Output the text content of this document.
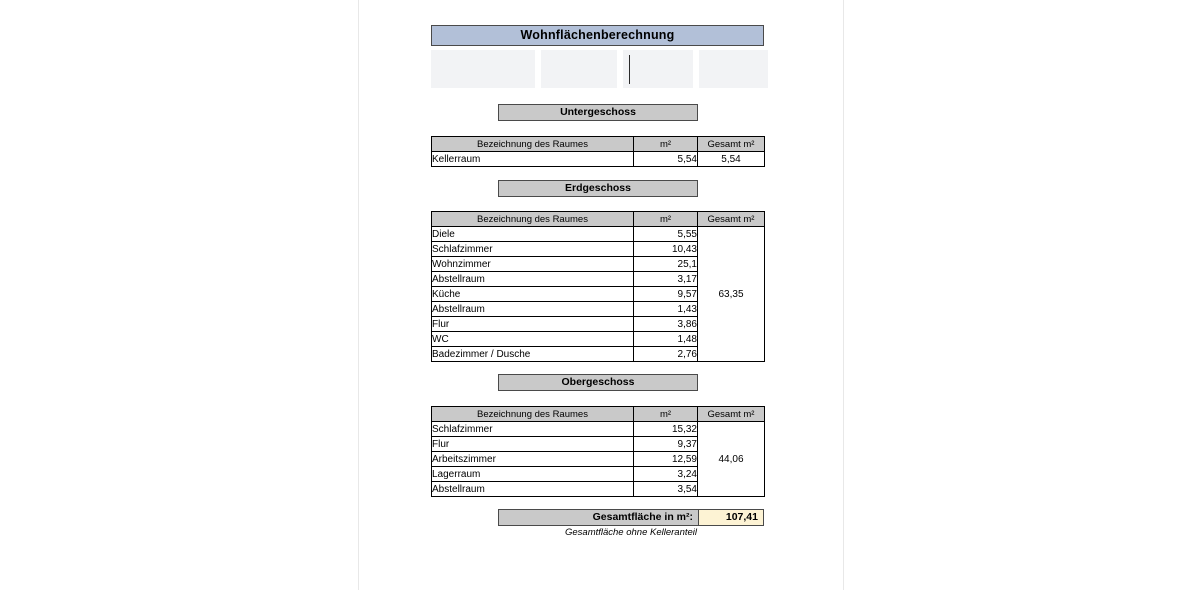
Wohnflächenberechnung
Untergeschoss
Bezeichnung des Raumes	m²	Gesamt m²
Kellerraum	5,54	5,54
Erdgeschoss
Bezeichnung des Raumes	m²	Gesamt m²
Diele	5,55	63,35
Schlafzimmer	10,43	
Wohnzimmer	25,1	
Abstellraum	3,17	
Küche	9,57	
Abstellraum	1,43	
Flur	3,86	
WC	1,48	
Badezimmer / Dusche	2,76	
Obergeschoss
Bezeichnung des Raumes	m²	Gesamt m²
Schlafzimmer	15,32	44,06
Flur	9,37	
Arbeitszimmer	12,59	
Lagerraum	3,24	
Abstellraum	3,54	
Gesamtfläche in m²:	107,41
Gesamtfläche ohne Kelleranteil
